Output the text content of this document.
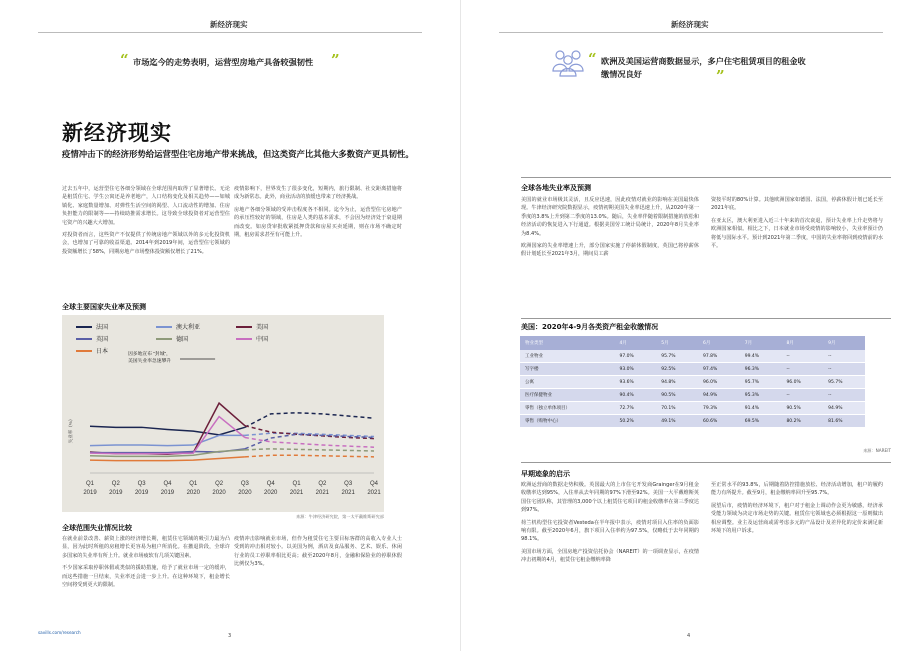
新经济现实
“ 市场迄今的走势表明，运营型房地产具备较强韧性	”
新经济现实
疫情冲击下的经济形势给运营型住宅房地产带来挑战，但这类资产比其他大多数资产更具韧性。

过去五年中，运营型住宅各细分领域在全球范围内取得了显著增长。无论是租赁住宅、学生公寓还是养老地产，人口结构变化及相关趋势——如城镇化、家庭数量增加、对弹性生活空间的渴望、人口流动性的增加、住房负担能力的限制等——持续助推需求增长。这导致全球投资者对运营型住宅资产的兴趣大大增加。

对投资者而言，这些资产不仅提供了传统房地产领域以外的多元化投资机会，也增加了可靠的收益渠道。2014年到2019年间，运营型住宅领域的投资额增长了58%，同期房地产市场整体投资额仅增长了21%。

疫情影响下，世界发生了很多变化，短期内，旅行限制、社交距离措施将成为新常态。此外，商业活动的放缓也带来了经济挑战。

房地产各细分领域的受冲击程度各不相同。迄今为止，运营型住宅房地产的承压性较好的领域，住房是人类的基本需求，不会因为经济处于衰退期而改变。如房贷审批收紧抵押贷款和房屋买卖延期，则在市场不确定时期，租房需求甚至有可能上升。

全球主要国家失业率及预测
法国	澳大利亚	美国
英国	德国	中国
日本
失业率（%）
Q1
2019
Q2
2019
Q3
2019
Q4
2019
Q1
2020
Q2
2020
Q3
2020
Q4
2020
Q1
2021
Q2
2021
Q3
2021
Q4
2021
因多地宣布 “封城”，
美国失业率急速攀升
来源：牛津经济研究院，第一太平戴维斯研究部
全球范围失业情况比较

在就业前景改善、薪资上涨的经济增长期，租赁住宅领域的吸引力最为凸显，因为此时所租的房租增长更容易为租户所消化。在撤退阶段，全球许多国家的失业率有所上升。就业市场疲软有几项关键因素。

不少国家采取停职休假或类似的援助措施，给予了就业市场一定的缓冲，而这些措施一旦结束，失业率还会进一步上升。在这种环境下，租金增长空间将受到更大的限制。

疫情冲击影响就业市场，但作为租赁住宅主要目标客群的高收入专业人士受到的冲击相对较小。以美国为例，酒店及食品服务、艺术、娱乐、休闲行业的员工停职率相比更高；截至2020年8月，金融和保险业的停职休假比例仅为3%。

savills.com/research
3
新经济现实
“ 欧洲及美国运营商数据显示，多户住宅租赁项目的租金收缴情况良好	”
全球各地失业率及预测

美国的就业市场极其灵活，且反应迅速，因此疫情对就业的影响在美国最快体现。牛津经济研究院数据显示，疫情初期美国失业率迅速上升，从2020年第一季度的3.8%上升到第二季度的13.0%。随后，失业率伴随着限制措施的放松和经济活动的恢复进入下行通道。根据美国劳工统计局统计，2020年8月失业率为8.4%。

欧洲国家的失业率增速上升，部分国家实施了停薪休假制度，英国已将停薪休假计划延长至2021年3月，期间员工薪

资按平时的80%计算。其他欧洲国家如德国、法国，停薪休假计划已延长至2021年底。

在亚太区，澳大利亚进入近三十年来的首次衰退，预计失业率上升走势将与欧洲国家相似。相比之下，日本就业市场受疫情的影响较小，失业率预计仍将低与国际水平。预计到2021年第二季度，中国的失业率将回到疫情前的水平。

美国：2020年4-9月各类资产租金收缴情况
来源：NAREIT
早期迹象的启示

欧洲运营商的数据走势积极。英国最大的上市住宅开发商Grainger在9月租金收缴率达到95%，入住率从去年同期的97%下滑至92%。美国一大平戴维斯英国住宅团队称，其管理的3,000个以上租赁住宅项目的租金收缴率在第三季度达到97%。

荷兰机构型住宅投资者Vesteda在半年报中表示，疫情对项目入住率的负面影响有限。截至2020年6月，旗下项目入住率约为97.5%，仅略低于去年同期的98.1%。

美国市场方面，全国房地产投资信托协会（NAREIT）的一项调查显示，在疫情冲击初期的4月，租赁住宅租金缴纳率降

至正常水平的93.8%，后期随着防控措施放松、经济活动增加，租户的履约能力有所提升。截至9月，租金缴纳率回升至95.7%。

展望后市，疫情的经济环境下，租户对于租金上调动作会更为敏感，经济承受能力领域为决定市场走势的关键。租赁住宅领域也必须根据这一原则做出相应调整。业主及运营商或需考虑多元的产品设计及差异化的定价来满足新环境下的用户诉求。

4
物业类型	4月	5月	6月	7月	8月	9月
工业物业	97.0%	95.7%	97.8%	99.4%	--	--
写字楼	93.0%	92.5%	97.4%	96.3%	--	--
公寓	93.6%	94.8%	96.0%	95.7%	96.0%	95.7%
医疗保健物业	90.4%	90.5%	94.9%	95.3%	--	--
零售（独立单体项目）	72.7%	70.1%	79.3%	91.4%	90.5%	94.9%
零售（购物中心）	50.2%	49.1%	60.6%	69.5%	80.2%	81.6%
